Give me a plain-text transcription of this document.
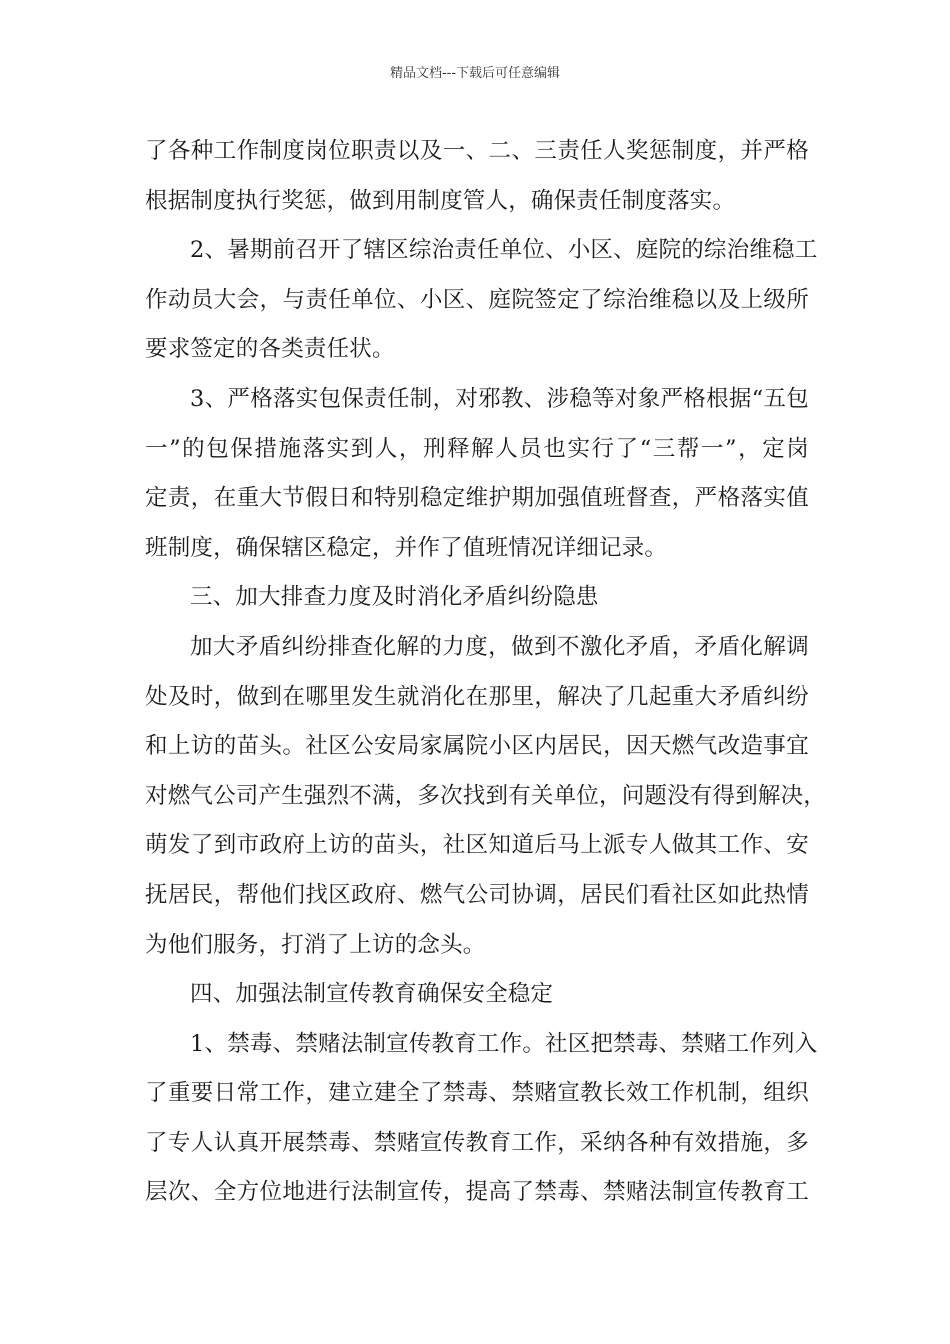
精品文档---下载后可任意编辑
了各种工作制度岗位职责以及一、二、三责任人奖惩制度，并严格
根据制度执行奖惩，做到用制度管人，确保责任制度落实。
2、暑期前召开了辖区综治责任单位、小区、庭院的综治维稳工
作动员大会，与责任单位、小区、庭院签定了综治维稳以及上级所
要求签定的各类责任状。
3、严格落实包保责任制，对邪教、涉稳等对象严格根据“五包
一”的包保措施落实到人，刑释解人员也实行了“三帮一”，定岗
定责，在重大节假日和特别稳定维护期加强值班督查，严格落实值
班制度，确保辖区稳定，并作了值班情况详细记录。
三、加大排查力度及时消化矛盾纠纷隐患
加大矛盾纠纷排查化解的力度，做到不激化矛盾，矛盾化解调
处及时，做到在哪里发生就消化在那里，解决了几起重大矛盾纠纷
和上访的苗头。社区公安局家属院小区内居民，因天燃气改造事宜
对燃气公司产生强烈不满，多次找到有关单位，问题没有得到解决，
萌发了到市政府上访的苗头，社区知道后马上派专人做其工作、安
抚居民，帮他们找区政府、燃气公司协调，居民们看社区如此热情
为他们服务，打消了上访的念头。
四、加强法制宣传教育确保安全稳定
1、禁毒、禁赌法制宣传教育工作。社区把禁毒、禁赌工作列入
了重要日常工作，建立建全了禁毒、禁赌宣教长效工作机制，组织
了专人认真开展禁毒、禁赌宣传教育工作，采纳各种有效措施，多
层次、全方位地进行法制宣传，提高了禁毒、禁赌法制宣传教育工
